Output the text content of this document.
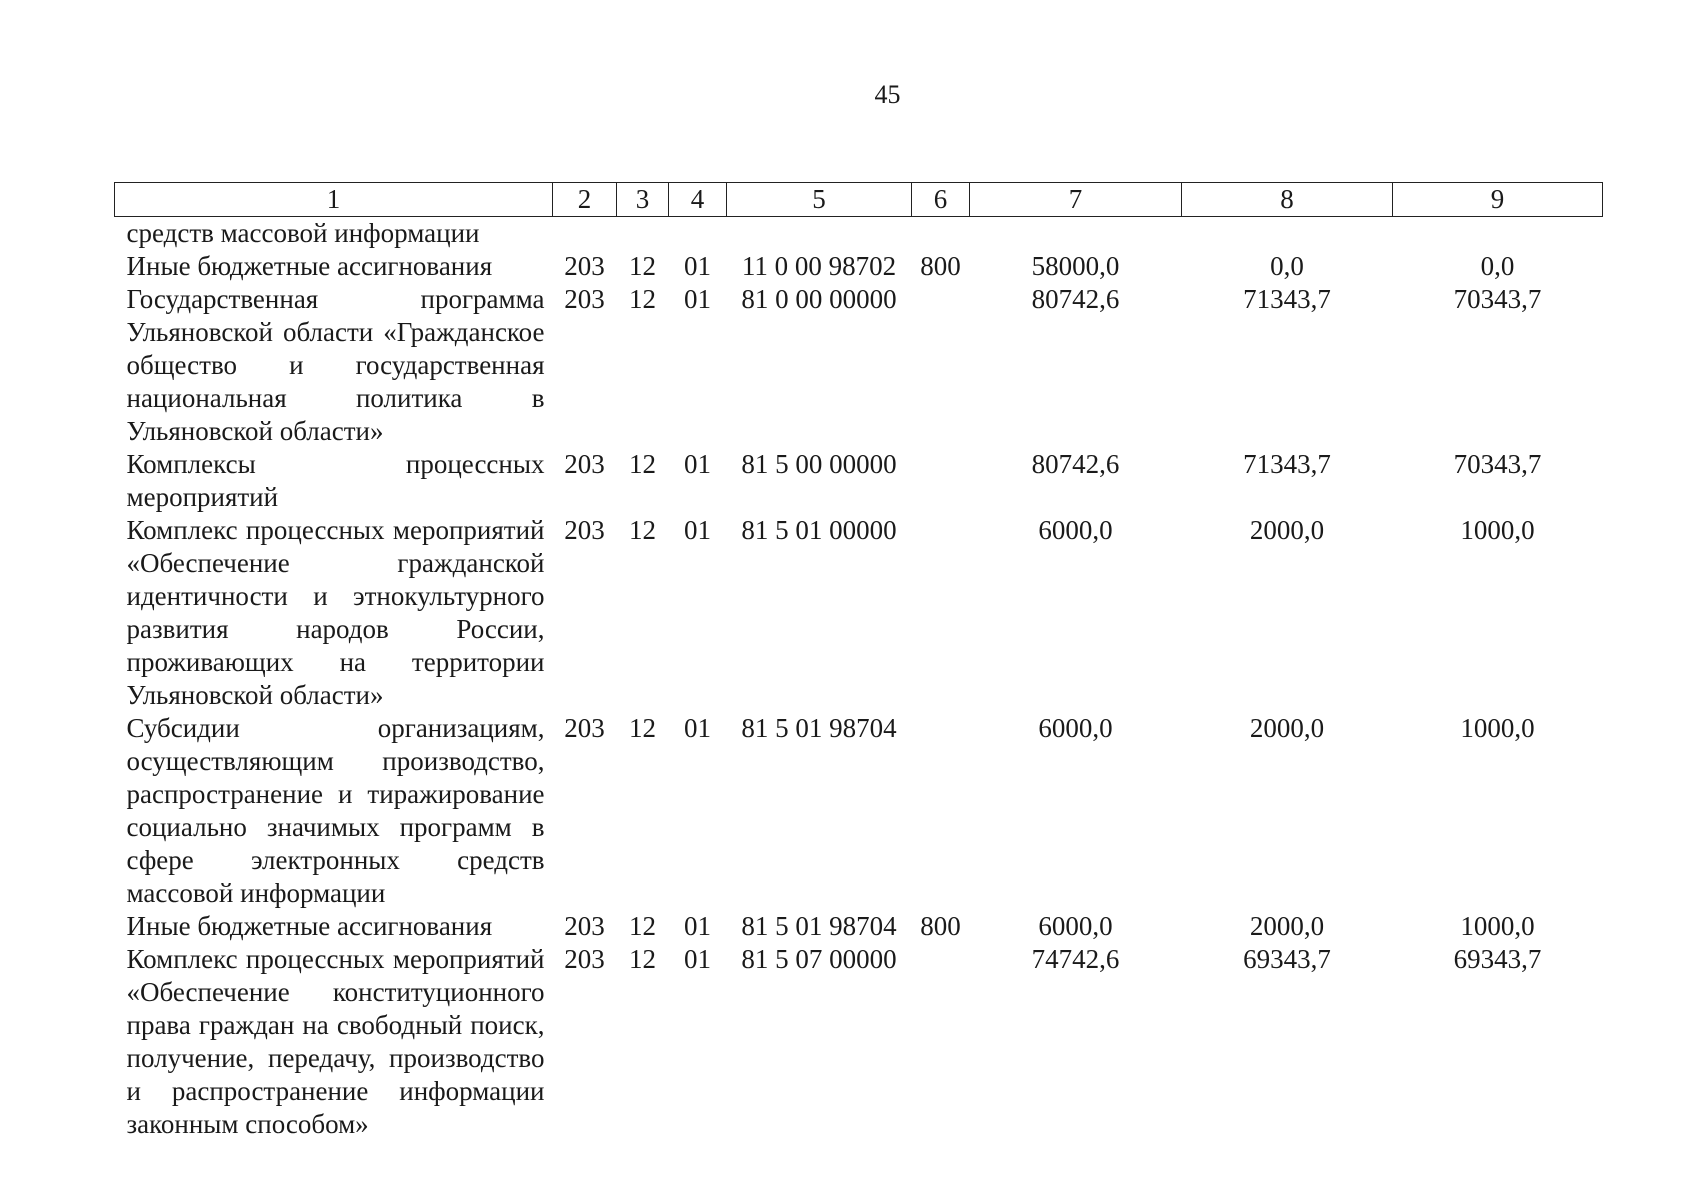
45
1	2	3	4	5	6	7	8	9
средств массовой информации								
Иные бюджетные ассигнования	203	12	01	11 0 00 98702	800	58000,0	0,0	0,0
Государственная программа Ульяновской области «Гражданское общество и государственная национальная политика в Ульяновской области»	203	12	01	81 0 00 00000		80742,6	71343,7	70343,7
Комплексы процессных мероприятий	203	12	01	81 5 00 00000		80742,6	71343,7	70343,7
Комплекс процессных мероприятий «Обеспечение гражданской идентичности и этнокультурного развития народов России, проживающих на территории Ульяновской области»	203	12	01	81 5 01 00000		6000,0	2000,0	1000,0
Субсидии организациям, осуществляющим производство, распространение и тиражирование социально значимых программ в сфере электронных средств массовой информации	203	12	01	81 5 01 98704		6000,0	2000,0	1000,0
Иные бюджетные ассигнования	203	12	01	81 5 01 98704	800	6000,0	2000,0	1000,0
Комплекс процессных мероприятий «Обеспечение конституционного права граждан на свободный поиск, получение, передачу, производство и распространение информации законным способом»	203	12	01	81 5 07 00000		74742,6	69343,7	69343,7
